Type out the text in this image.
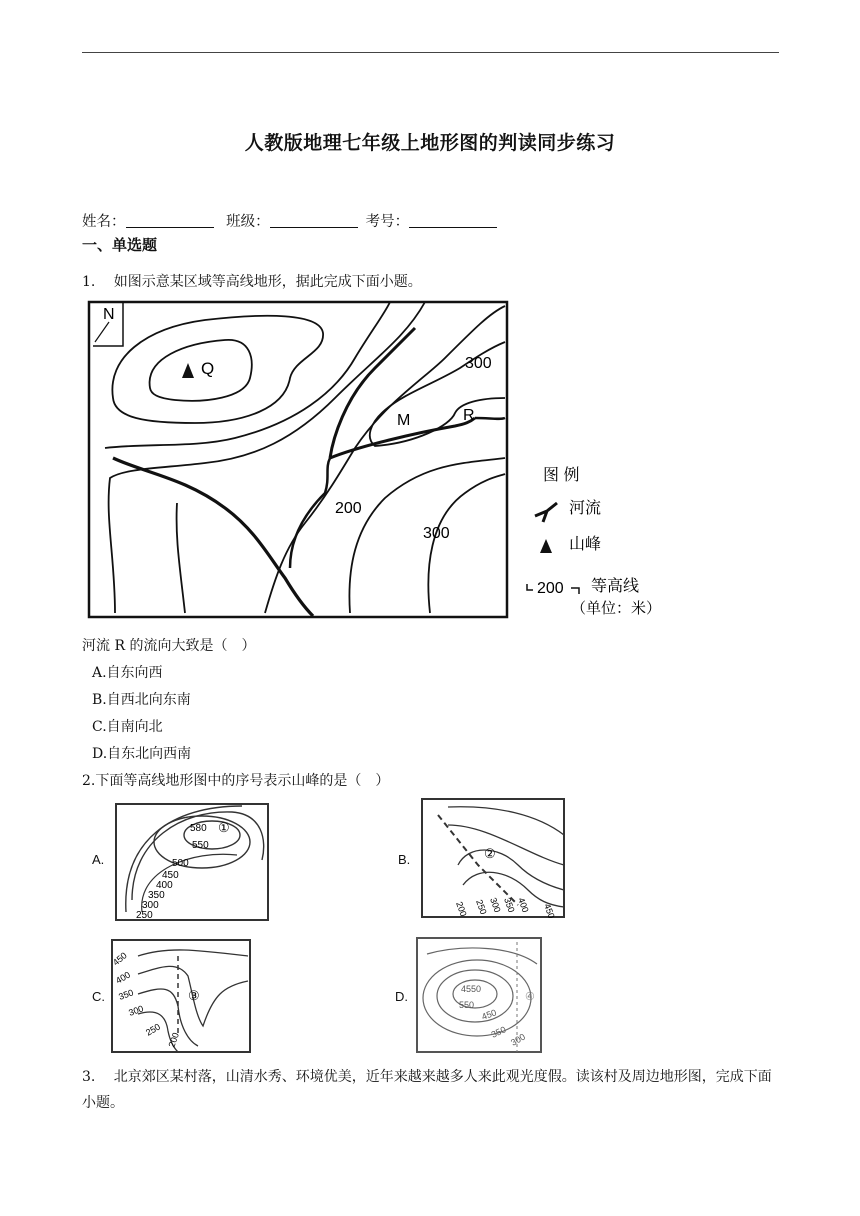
人教版地理七年级上地形图的判读同步练习
姓名：	班级：	考号：
一、单选题
1.　 如图示意某区域等高线地形，据此完成下面小题。
N
Q
M	R
300
200
300
图 例
河流
山峰
200 等高线
（单位：米）
河流 R 的流向大致是（　）
A.自东向西
B.自西北向东南
C.自南向北
D.自东北向西南
2.下面等高线地形图中的序号表示山峰的是（　）
A.	B.
C.	D.
580 ①
550
500
450
400
350
300
250
②
200 250 300 350 400 450
450
400
350
300
③
250
200
④
4550
550
450
350 300
3.　 北京郊区某村落，山清水秀、环境优美，近年来越来越多人来此观光度假。读该村及周边地形图，完成下面小题。
